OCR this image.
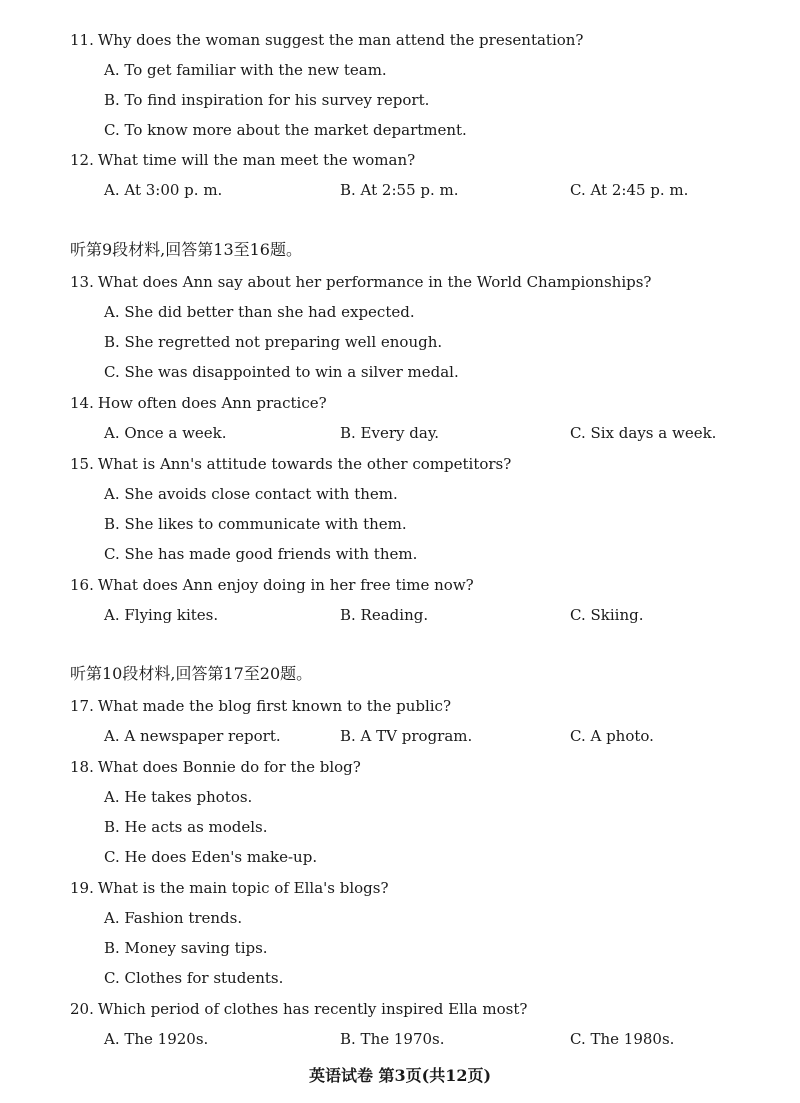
11. Why does the woman suggest the man attend the presentation?
A. To get familiar with the new team.
B. To find inspiration for his survey report.
C. To know more about the market department.
12. What time will the man meet the woman?
A. At 3:00 p. m.	B. At 2:55 p. m.	C. At 2:45 p. m.
听第9段材料,回答第13至16题。
13. What does Ann say about her performance in the World Championships?
A. She did better than she had expected.
B. She regretted not preparing well enough.
C. She was disappointed to win a silver medal.
14. How often does Ann practice?
A. Once a week.	B. Every day.	C. Six days a week.
15. What is Ann's attitude towards the other competitors?
A. She avoids close contact with them.
B. She likes to communicate with them.
C. She has made good friends with them.
16. What does Ann enjoy doing in her free time now?
A. Flying kites.	B. Reading.	C. Skiing.
听第10段材料,回答第17至20题。
17. What made the blog first known to the public?
A. A newspaper report.	B. A TV program.	C. A photo.
18. What does Bonnie do for the blog?
A. He takes photos.
B. He acts as models.
C. He does Eden's make-up.
19. What is the main topic of Ella's blogs?
A. Fashion trends.
B. Money saving tips.
C. Clothes for students.
20. Which period of clothes has recently inspired Ella most?
A. The 1920s.	B. The 1970s.	C. The 1980s.
英语试卷 第3页(共12页)
